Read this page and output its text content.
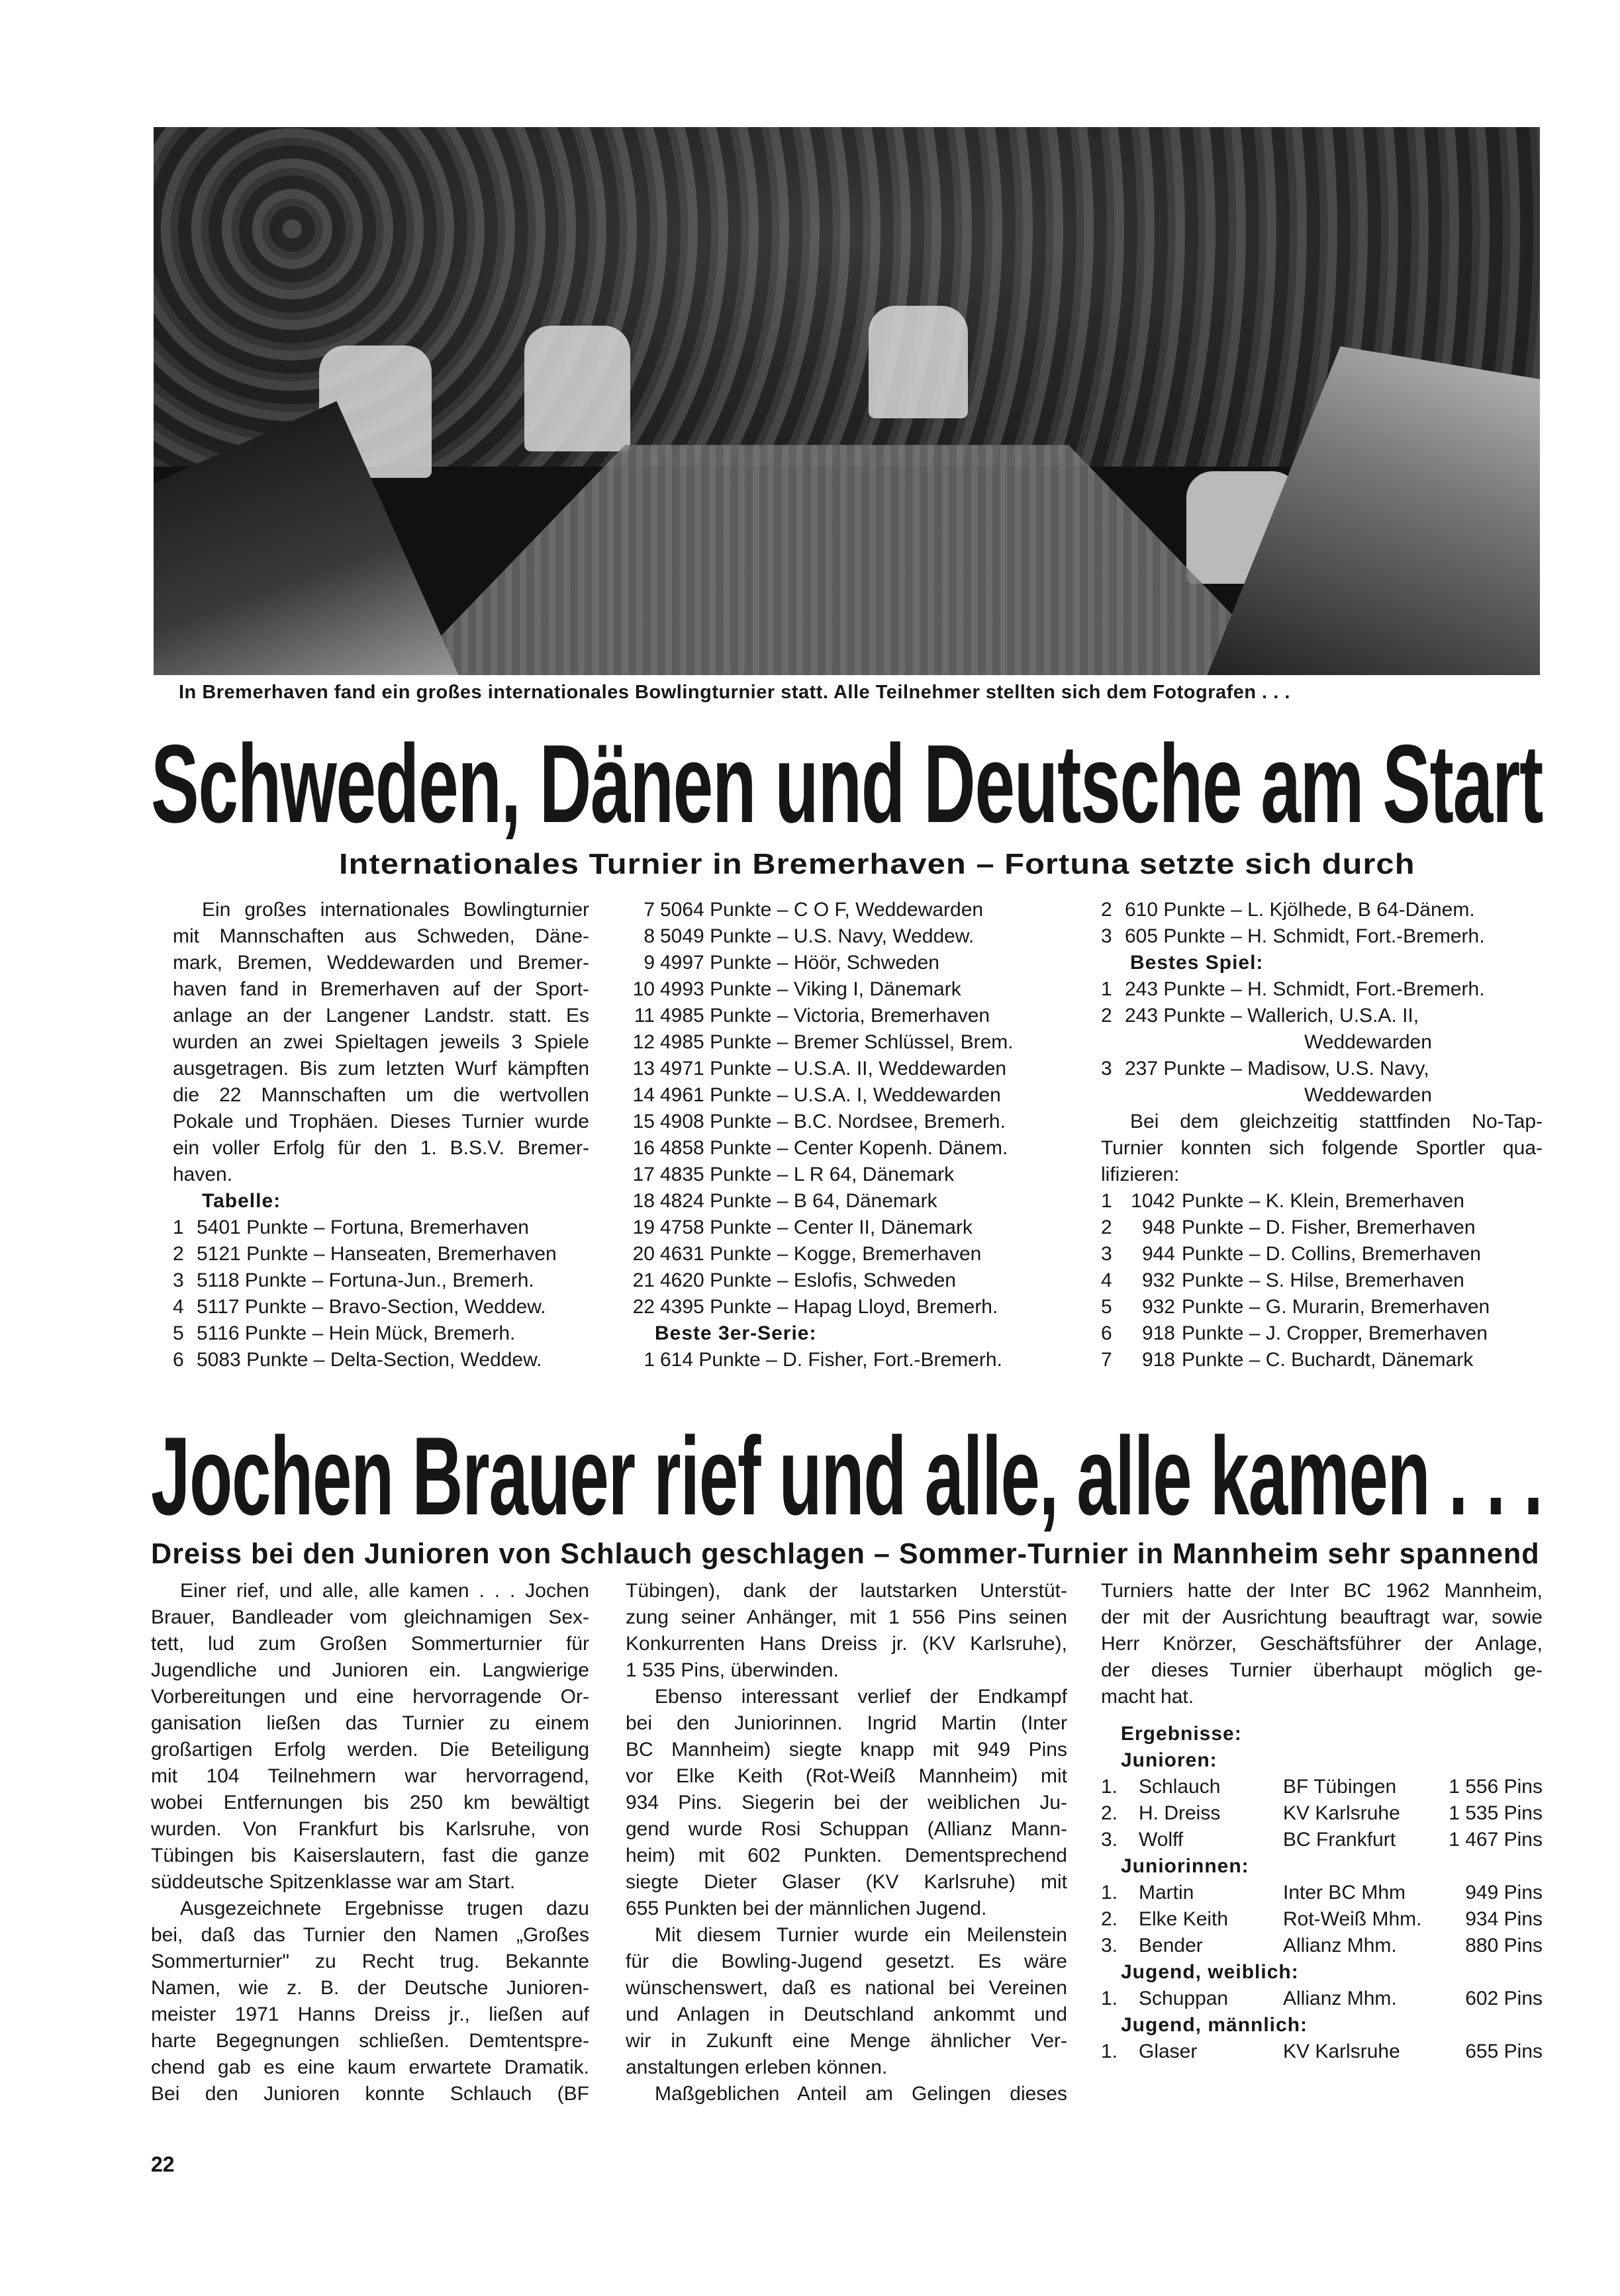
In Bremerhaven fand ein großes internationales Bowlingturnier statt. Alle Teilnehmer stellten sich dem Fotografen . . .
Schweden, Dänen und Deutsche am Start
Internationales Turnier in Bremerhaven – Fortuna setzte sich durch
Ein großes internationales Bowlingturnier
mit Mannschaften aus Schweden, Däne-
mark, Bremen, Weddewarden und Bremer-
haven fand in Bremerhaven auf der Sport-
anlage an der Langener Landstr. statt. Es
wurden an zwei Spieltagen jeweils 3 Spiele
ausgetragen. Bis zum letzten Wurf kämpften
die 22 Mannschaften um die wertvollen
Pokale und Trophäen. Dieses Turnier wurde
ein voller Erfolg für den 1. B.S.V. Bremer-
haven.
Tabelle:
1 5401 Punkte – Fortuna, Bremerhaven
2 5121 Punkte – Hanseaten, Bremerhaven
3 5118 Punkte – Fortuna-Jun., Bremerh.
4 5117 Punkte – Bravo-Section, Weddew.
5 5116 Punkte – Hein Mück, Bremerh.
6 5083 Punkte – Delta-Section, Weddew.
7 5064 Punkte – C O F, Weddewarden
8 5049 Punkte – U.S. Navy, Weddew.
9 4997 Punkte – Höör, Schweden
10 4993 Punkte – Viking I, Dänemark
11 4985 Punkte – Victoria, Bremerhaven
12 4985 Punkte – Bremer Schlüssel, Brem.
13 4971 Punkte – U.S.A. II, Weddewarden
14 4961 Punkte – U.S.A. I, Weddewarden
15 4908 Punkte – B.C. Nordsee, Bremerh.
16 4858 Punkte – Center Kopenh. Dänem.
17 4835 Punkte – L R 64, Dänemark
18 4824 Punkte – B 64, Dänemark
19 4758 Punkte – Center II, Dänemark
20 4631 Punkte – Kogge, Bremerhaven
21 4620 Punkte – Eslofis, Schweden
22 4395 Punkte – Hapag Lloyd, Bremerh.
Beste 3er-Serie:
1 614 Punkte – D. Fisher, Fort.-Bremerh.
2 610 Punkte – L. Kjölhede, B 64-Dänem.
3 605 Punkte – H. Schmidt, Fort.-Bremerh.
Bestes Spiel:
1 243 Punkte – H. Schmidt, Fort.-Bremerh.
2 243 Punkte – Wallerich, U.S.A. II,
Weddewarden
3 237 Punkte – Madisow, U.S. Navy,
Weddewarden
Bei dem gleichzeitig stattfinden No-Tap-
Turnier konnten sich folgende Sportler qua-
lifizieren:
1 1042 Punkte – K. Klein, Bremerhaven
2	948 Punkte – D. Fisher, Bremerhaven
3	944 Punkte – D. Collins, Bremerhaven
4	932 Punkte – S. Hilse, Bremerhaven
5	932 Punkte – G. Murarin, Bremerhaven
6	918 Punkte – J. Cropper, Bremerhaven
7	918 Punkte – C. Buchardt, Dänemark
Jochen Brauer rief und alle, alle kamen . . .
Dreiss bei den Junioren von Schlauch geschlagen – Sommer-Turnier in Mannheim sehr spannend
Einer rief, und alle, alle kamen . . . Jochen
Brauer, Bandleader vom gleichnamigen Sex-
tett, lud zum Großen Sommerturnier für
Jugendliche und Junioren ein. Langwierige
Vorbereitungen und eine hervorragende Or-
ganisation ließen das Turnier zu einem
großartigen Erfolg werden. Die Beteiligung
mit 104 Teilnehmern war hervorragend,
wobei Entfernungen bis 250 km bewältigt
wurden. Von Frankfurt bis Karlsruhe, von
Tübingen bis Kaiserslautern, fast die ganze
süddeutsche Spitzenklasse war am Start.
Ausgezeichnete Ergebnisse trugen dazu
bei, daß das Turnier den Namen „Großes
Sommerturnier" zu Recht trug. Bekannte
Namen, wie z. B. der Deutsche Junioren-
meister 1971 Hanns Dreiss jr., ließen auf
harte Begegnungen schließen. Demtentspre-
chend gab es eine kaum erwartete Dramatik.
Bei den Junioren konnte Schlauch (BF
Tübingen), dank der lautstarken Unterstüt-
zung seiner Anhänger, mit 1 556 Pins seinen
Konkurrenten Hans Dreiss jr. (KV Karlsruhe),
1 535 Pins, überwinden.
Ebenso interessant verlief der Endkampf
bei den Juniorinnen. Ingrid Martin (Inter
BC Mannheim) siegte knapp mit 949 Pins
vor Elke Keith (Rot-Weiß Mannheim) mit
934 Pins. Siegerin bei der weiblichen Ju-
gend wurde Rosi Schuppan (Allianz Mann-
heim) mit 602 Punkten. Dementsprechend
siegte Dieter Glaser (KV Karlsruhe) mit
655 Punkten bei der männlichen Jugend.
Mit diesem Turnier wurde ein Meilenstein
für die Bowling-Jugend gesetzt. Es wäre
wünschenswert, daß es national bei Vereinen
und Anlagen in Deutschland ankommt und
wir in Zukunft eine Menge ähnlicher Ver-
anstaltungen erleben können.
Maßgeblichen Anteil am Gelingen dieses
Turniers hatte der Inter BC 1962 Mannheim,
der mit der Ausrichtung beauftragt war, sowie
Herr Knörzer, Geschäftsführer der Anlage,
der dieses Turnier überhaupt möglich ge-
macht hat.
Ergebnisse:
Junioren:
1.	Schlauch	BF Tübingen	1 556 Pins
2.	H. Dreiss	KV Karlsruhe	1 535 Pins
3.	Wolff	BC Frankfurt	1 467 Pins
Juniorinnen:
1.	Martin	Inter BC Mhm	949 Pins
2.	Elke Keith	Rot-Weiß Mhm.	934 Pins
3.	Bender	Allianz Mhm.	880 Pins
Jugend, weiblich:
1.	Schuppan	Allianz Mhm.	602 Pins
Jugend, männlich:
1.	Glaser	KV Karlsruhe	655 Pins
22
